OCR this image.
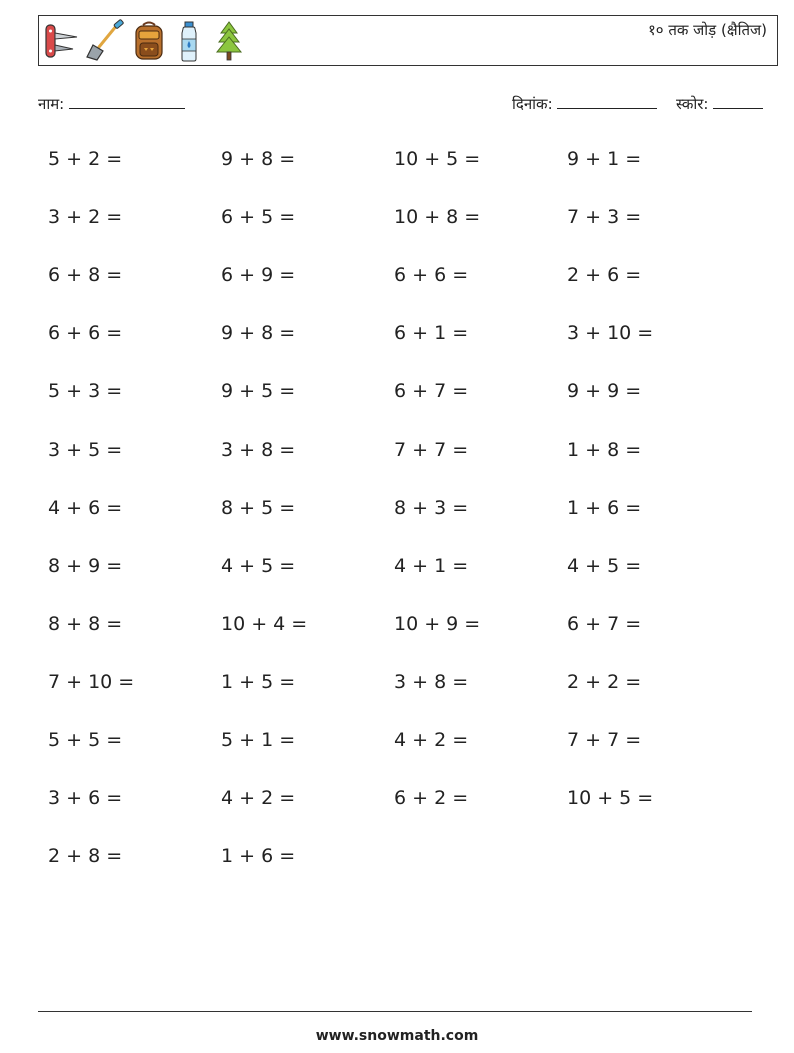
१० तक जोड़ (क्षैतिज)
नाम:	दिनांक:	स्कोर:
5 + 2 =	9 + 8 =	10 + 5 =	9 + 1 =
3 + 2 =	6 + 5 =	10 + 8 =	7 + 3 =
6 + 8 =	6 + 9 =	6 + 6 =	2 + 6 =
6 + 6 =	9 + 8 =	6 + 1 =	3 + 10 =
5 + 3 =	9 + 5 =	6 + 7 =	9 + 9 =
3 + 5 =	3 + 8 =	7 + 7 =	1 + 8 =
4 + 6 =	8 + 5 =	8 + 3 =	1 + 6 =
8 + 9 =	4 + 5 =	4 + 1 =	4 + 5 =
8 + 8 =	10 + 4 =	10 + 9 =	6 + 7 =
7 + 10 =	1 + 5 =	3 + 8 =	2 + 2 =
5 + 5 =	5 + 1 =	4 + 2 =	7 + 7 =
3 + 6 =	4 + 2 =	6 + 2 =	10 + 5 =
2 + 8 =	1 + 6 =
www.snowmath.com
